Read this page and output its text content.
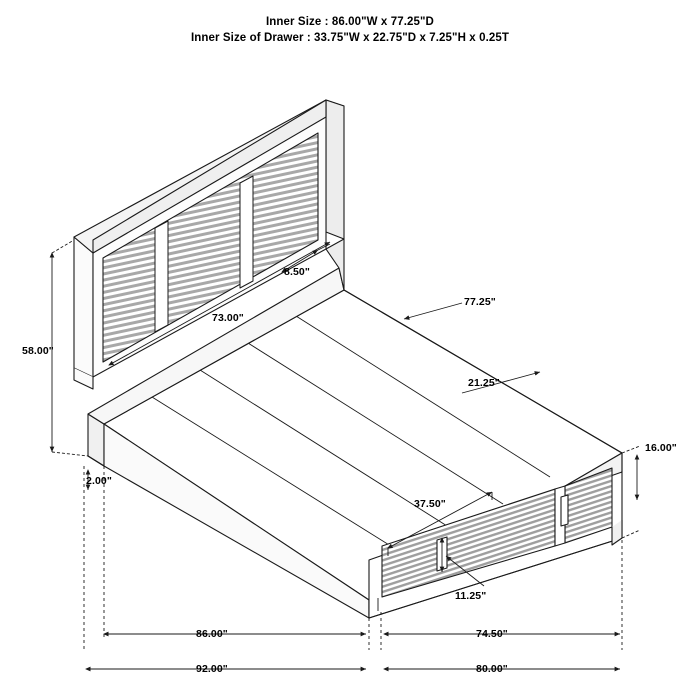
Inner Size : 86.00"W x 77.25"D
Inner Size of Drawer : 33.75"W x 22.75"D x 7.25"H x 0.25T
8.50"
73.00"
77.25"
21.25"
58.00"
16.00"
2.00"
37.50"
11.25"
86.00"	74.50"
92.00"	80.00"
